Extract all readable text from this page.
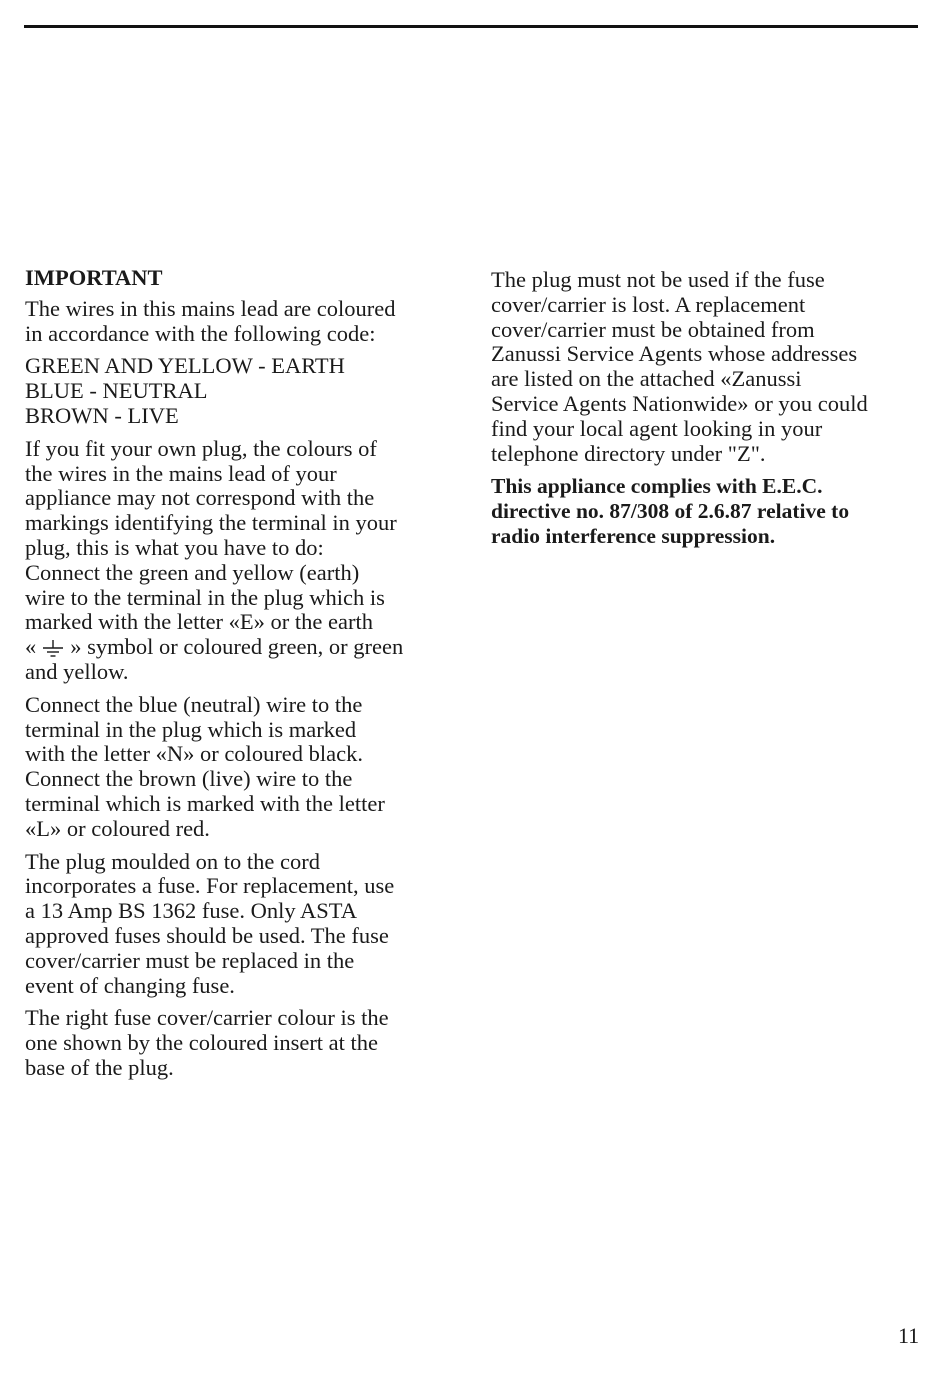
IMPORTANT
The wires in this mains lead are coloured
in accordance with the following code:
GREEN AND YELLOW - EARTH
BLUE - NEUTRAL
BROWN - LIVE
If you fit your own plug, the colours of
the wires in the mains lead of your
appliance may not correspond with the
markings identifying the terminal in your
plug, this is what you have to do:
Connect the green and yellow (earth)
wire to the terminal in the plug which is
marked with the letter «E» or the earth
« » symbol or coloured green, or green
and yellow.
Connect the blue (neutral) wire to the
terminal in the plug which is marked
with the letter «N» or coloured black.
Connect the brown (live) wire to the
terminal which is marked with the letter
«L» or coloured red.
The plug moulded on to the cord
incorporates a fuse. For replacement, use
a 13 Amp BS 1362 fuse. Only ASTA
approved fuses should be used. The fuse
cover/carrier must be replaced in the
event of changing fuse.
The right fuse cover/carrier colour is the
one shown by the coloured insert at the
base of the plug.
The plug must not be used if the fuse
cover/carrier is lost. A replacement
cover/carrier must be obtained from
Zanussi Service Agents whose addresses
are listed on the attached «Zanussi
Service Agents Nationwide» or you could
find your local agent looking in your
telephone directory under "Z".
This appliance complies with E.E.C.
directive no. 87/308 of 2.6.87 relative to
radio interference suppression.
11
